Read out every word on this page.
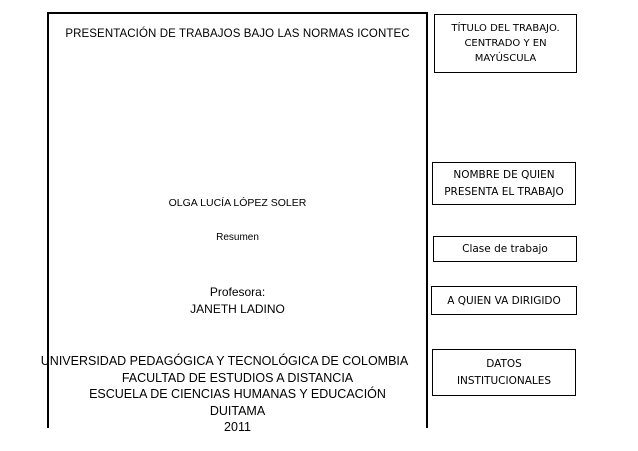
PRESENTACIÓN DE TRABAJOS BAJO LAS NORMAS ICONTEC
OLGA LUCÍA LÓPEZ SOLER
Resumen
Profesora:
JANETH LADINO
UNIVERSIDAD PEDAGÓGICA Y TECNOLÓGICA DE COLOMBIA
FACULTAD DE ESTUDIOS A DISTANCIA
ESCUELA DE CIENCIAS HUMANAS Y EDUCACIÓN
DUITAMA
2011
TÍTULO DEL TRABAJO.
CENTRADO Y EN
MAYÚSCULA
NOMBRE DE QUIEN
PRESENTA EL TRABAJO
Clase de trabajo
A QUIEN VA DIRIGIDO
DATOS
INSTITUCIONALES
